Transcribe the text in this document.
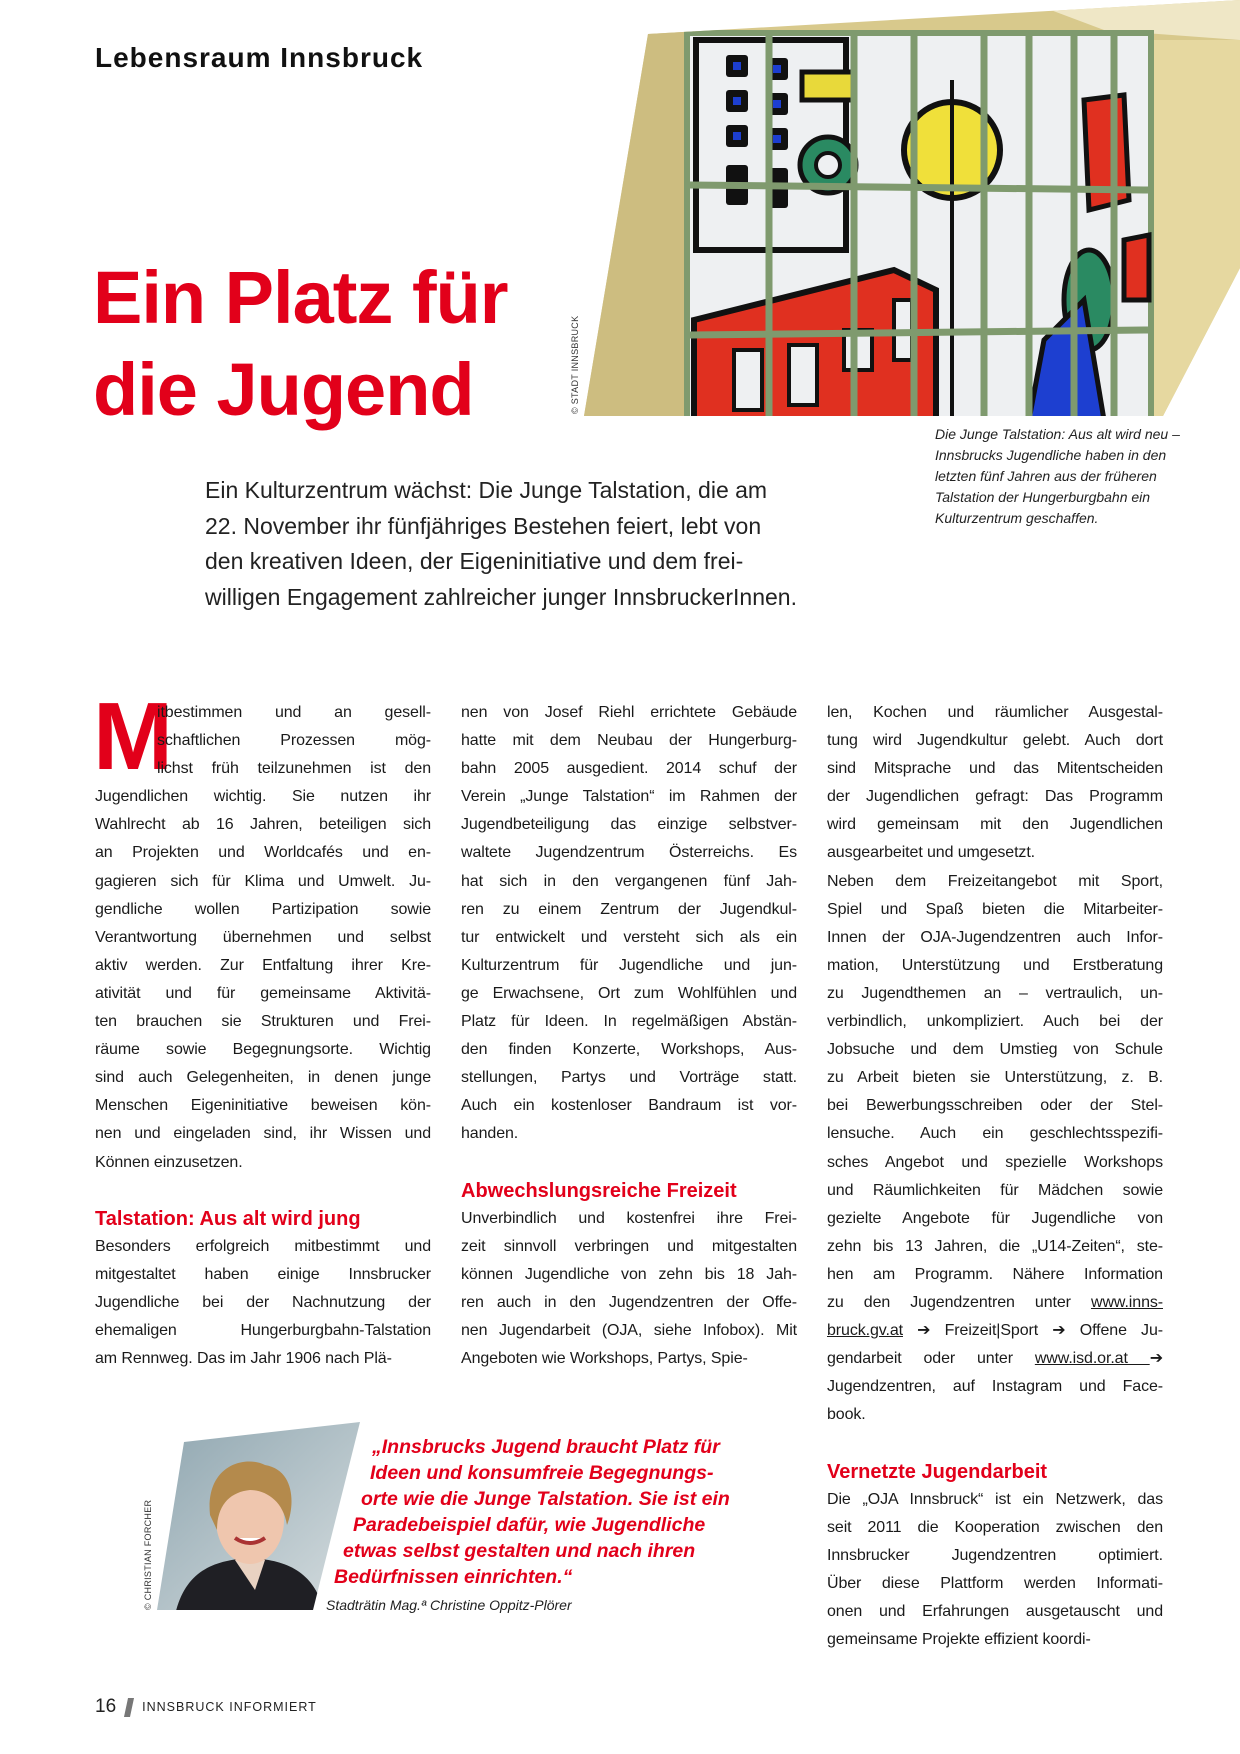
Lebensraum Innsbruck
Ein Platz für
die Jugend	© STADT INNSBRUCK
Die Junge Talstation: Aus alt wird neu –
Innsbrucks Jugendliche haben in den
letzten fünf Jahren aus der früheren
Talstation der Hungerburgbahn ein
Kulturzentrum geschaffen.
Ein Kulturzentrum wächst: Die Junge Talstation, die am
22. November ihr fünfjähriges Bestehen feiert, lebt von
den kreativen Ideen, der Eigeninitiative und dem frei-
willigen Engagement zahlreicher junger InnsbruckerInnen.
M
itbestimmen und an gesell-
schaftlichen Prozessen mög-
lichst früh teilzunehmen ist den
Jugendlichen wichtig. Sie nutzen ihr
Wahlrecht ab 16 Jahren, beteiligen sich
an Projekten und Worldcafés und en-
gagieren sich für Klima und Umwelt. Ju-
gendliche wollen Partizipation sowie
Verantwortung übernehmen und selbst
aktiv werden. Zur Entfaltung ihrer Kre-
ativität und für gemeinsame Aktivitä-
ten brauchen sie Strukturen und Frei-
räume sowie Begegnungsorte. Wichtig
sind auch Gelegenheiten, in denen junge
Menschen Eigeninitiative beweisen kön-
nen und eingeladen sind, ihr Wissen und
Können einzusetzen.
Talstation: Aus alt wird jung
Besonders erfolgreich mitbestimmt und
mitgestaltet haben einige Innsbrucker
Jugendliche bei der Nachnutzung der
ehemaligen Hungerburgbahn-Talstation
am Rennweg. Das im Jahr 1906 nach Plä-
nen von Josef Riehl errichtete Gebäude
hatte mit dem Neubau der Hungerburg-
bahn 2005 ausgedient. 2014 schuf der
Verein „Junge Talstation“ im Rahmen der
Jugendbeteiligung das einzige selbstver-
waltete Jugendzentrum Österreichs. Es
hat sich in den vergangenen fünf Jah-
ren zu einem Zentrum der Jugendkul-
tur entwickelt und versteht sich als ein
Kulturzentrum für Jugendliche und jun-
ge Erwachsene, Ort zum Wohlfühlen und
Platz für Ideen. In regelmäßigen Abstän-
den finden Konzerte, Workshops, Aus-
stellungen, Partys und Vorträge statt.
Auch ein kostenloser Bandraum ist vor-
handen.
Abwechslungsreiche Freizeit
Unverbindlich und kostenfrei ihre Frei-
zeit sinnvoll verbringen und mitgestalten
können Jugendliche von zehn bis 18 Jah-
ren auch in den Jugendzentren der Offe-
nen Jugendarbeit (OJA, siehe Infobox). Mit
Angeboten wie Workshops, Partys, Spie-
len, Kochen und räumlicher Ausgestal-
tung wird Jugendkultur gelebt. Auch dort
sind Mitsprache und das Mitentscheiden
der Jugendlichen gefragt: Das Programm
wird gemeinsam mit den Jugendlichen
ausgearbeitet und umgesetzt.
Neben dem Freizeitangebot mit Sport,
Spiel und Spaß bieten die Mitarbeiter-
Innen der OJA-Jugendzentren auch Infor-
mation, Unterstützung und Erstberatung
zu Jugendthemen an – vertraulich, un-
verbindlich, unkompliziert. Auch bei der
Jobsuche und dem Umstieg von Schule
zu Arbeit bieten sie Unterstützung, z. B.
bei Bewerbungsschreiben oder der Stel-
lensuche. Auch ein geschlechtsspezifi-
sches Angebot und spezielle Workshops
und Räumlichkeiten für Mädchen sowie
gezielte Angebote für Jugendliche von
zehn bis 13 Jahren, die „U14-Zeiten“, ste-
hen am Programm. Nähere Information
zu den Jugendzentren unter www.inns-
bruck.gv.at ➔ Freizeit|Sport ➔ Offene Ju-
gendarbeit oder unter www.isd.or.at ➔
Jugendzentren, auf Instagram und Face-
book.
Vernetzte Jugendarbeit
Die „OJA Innsbruck“ ist ein Netzwerk, das
seit 2011 die Kooperation zwischen den
Innsbrucker Jugendzentren optimiert.
Über diese Plattform werden Informati-
onen und Erfahrungen ausgetauscht und
gemeinsame Projekte effizient koordi-
© CHRISTIAN FORCHER
„Innsbrucks Jugend braucht Platz für
Ideen und konsumfreie Begegnungs-
orte wie die Junge Talstation. Sie ist ein
Paradebeispiel dafür, wie Jugendliche
etwas selbst gestalten und nach ihren
Bedürfnissen einrichten.“
Stadträtin Mag.ª Christine Oppitz-Plörer
16 INNSBRUCK INFORMIERT
